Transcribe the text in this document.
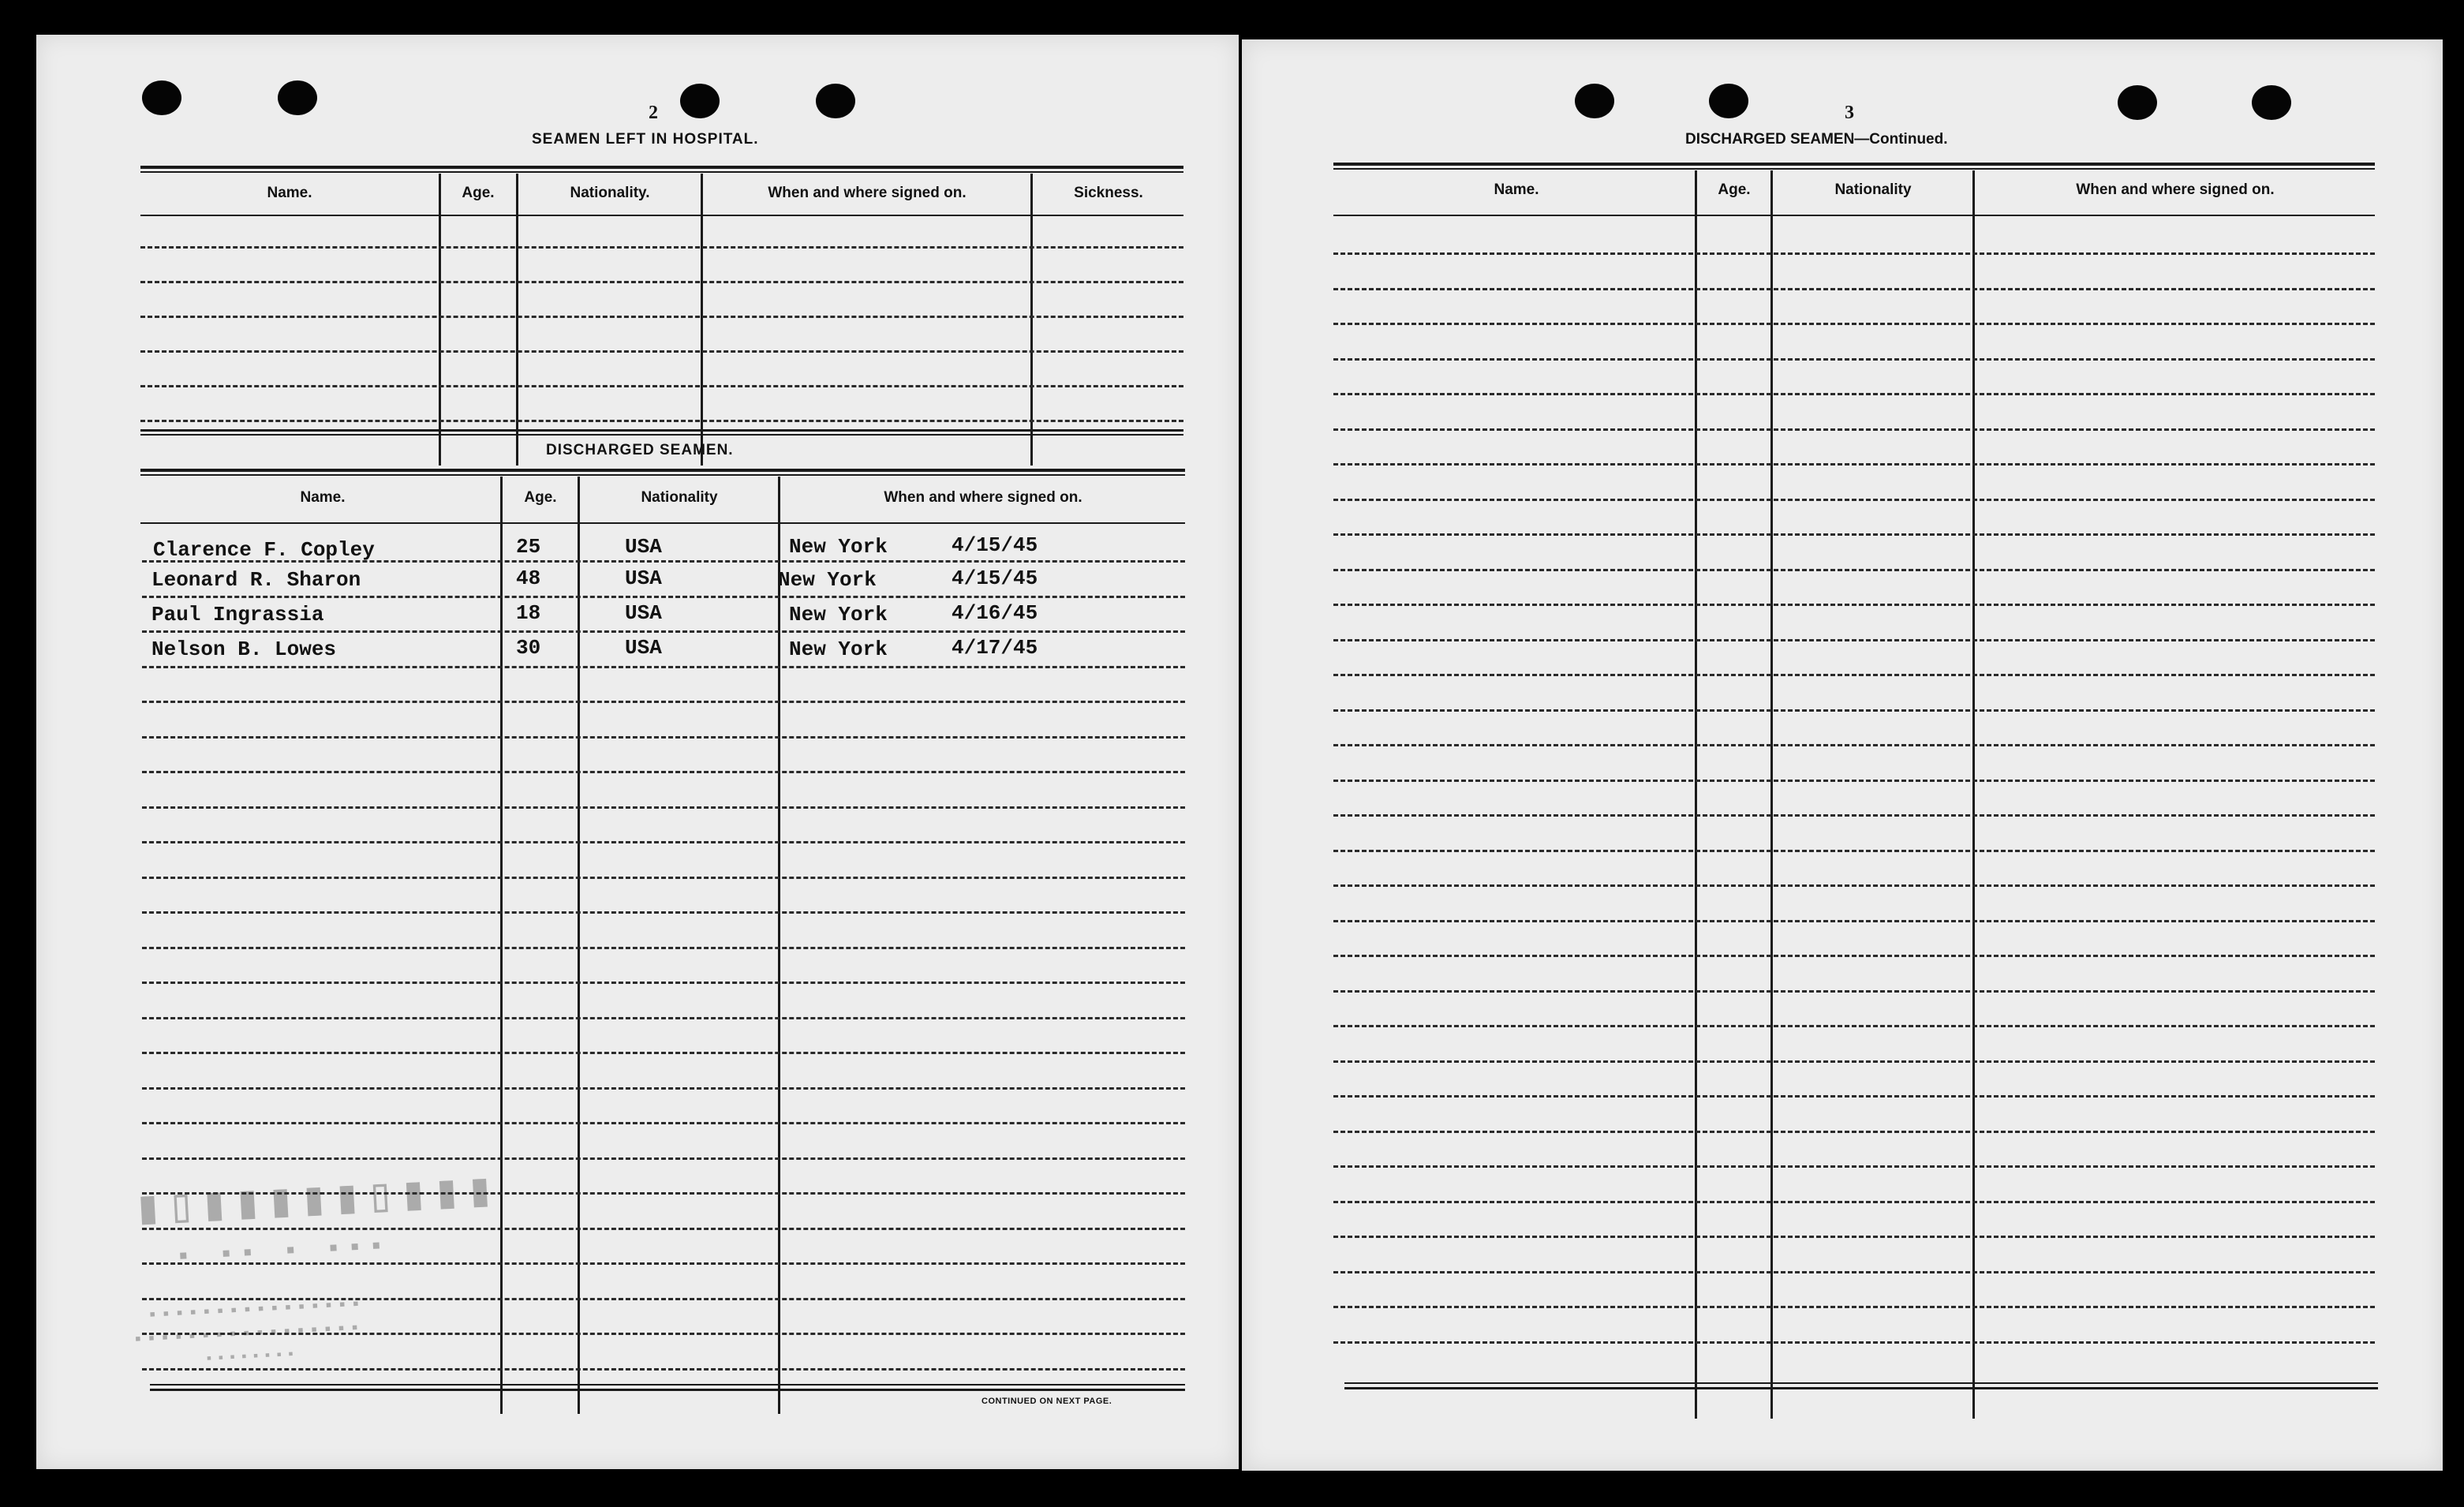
2
SEAMEN LEFT IN HOSPITAL.
Name.	Age.	Nationality.	When and where signed on.	Sickness.
DISCHARGED SEAMEN.
Name.	Age.	Nationality	When and where signed on.
Clarence F. Copley	25	USA	New York	4/15/45
Leonard R. Sharon	48	USA	New York	4/15/45
Paul Ingrassia	18	USA	New York	4/16/45
Nelson B. Lowes	30	USA	New York	4/17/45
CONTINUED ON NEXT PAGE.
▮▯▮▮▮▮▮▯▮▮▮
▪ ▪▪ ▪ ▪▪▪
▪▪▪▪▪▪▪▪▪▪▪▪▪▪▪▪
▪▪▪▪▪▪▪▪▪▪▪▪▪▪▪▪▪
▪▪▪▪▪▪▪▪
3
DISCHARGED SEAMEN—Continued.
Name.	Age.	Nationality	When and where signed on.
